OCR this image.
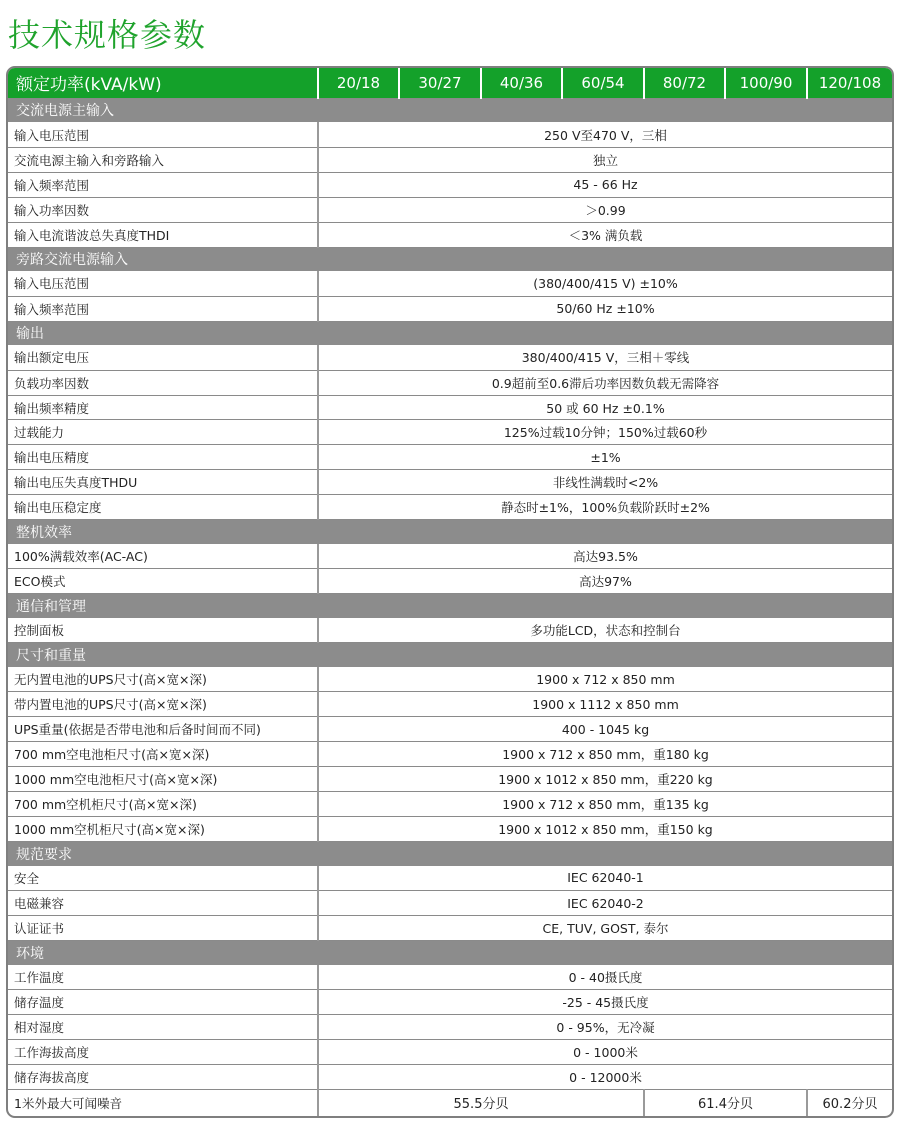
技术规格参数
额定功率(kVA/kW)	20/18	30/27	40/36	60/54	80/72	100/90	120/108
交流电源主输入							
输入电压范围	250 V至470 V，三相						
交流电源主输入和旁路输入	独立						
输入频率范围	45 - 66 Hz						
输入功率因数	＞0.99						
输入电流谐波总失真度THDI	＜3% 满负载						
旁路交流电源输入							
输入电压范围	(380/400/415 V) ±10%						
输入频率范围	50/60 Hz ±10%						
输出							
输出额定电压	380/400/415 V，三相＋零线						
负载功率因数	0.9超前至0.6滞后功率因数负载无需降容						
输出频率精度	50 或 60 Hz ±0.1%						
过载能力	125%过载10分钟；150%过载60秒						
输出电压精度	±1%						
输出电压失真度THDU	非线性满载时<2%						
输出电压稳定度	静态时±1%，100%负载阶跃时±2%						
整机效率							
100%满载效率(AC-AC)	高达93.5%						
ECO模式	高达97%						
通信和管理							
控制面板	多功能LCD，状态和控制台						
尺寸和重量							
无内置电池的UPS尺寸(高×宽×深)	1900 x 712 x 850 mm						
带内置电池的UPS尺寸(高×宽×深)	1900 x 1112 x 850 mm						
UPS重量(依据是否带电池和后备时间而不同)	400 - 1045 kg						
700 mm空电池柜尺寸(高×宽×深)	1900 x 712 x 850 mm，重180 kg						
1000 mm空电池柜尺寸(高×宽×深)	1900 x 1012 x 850 mm，重220 kg						
700 mm空机柜尺寸(高×宽×深)	1900 x 712 x 850 mm，重135 kg						
1000 mm空机柜尺寸(高×宽×深)	1900 x 1012 x 850 mm，重150 kg						
规范要求							
安全	IEC 62040-1						
电磁兼容	IEC 62040-2						
认证证书	CE, TUV, GOST, 泰尔						
环境							
工作温度	0 - 40摄氏度						
储存温度	-25 - 45摄氏度						
相对湿度	0 - 95%，无冷凝						
工作海拔高度	0 - 1000米						
储存海拔高度	0 - 12000米						
1米外最大可闻噪音	55.5分贝				61.4分贝		60.2分贝
